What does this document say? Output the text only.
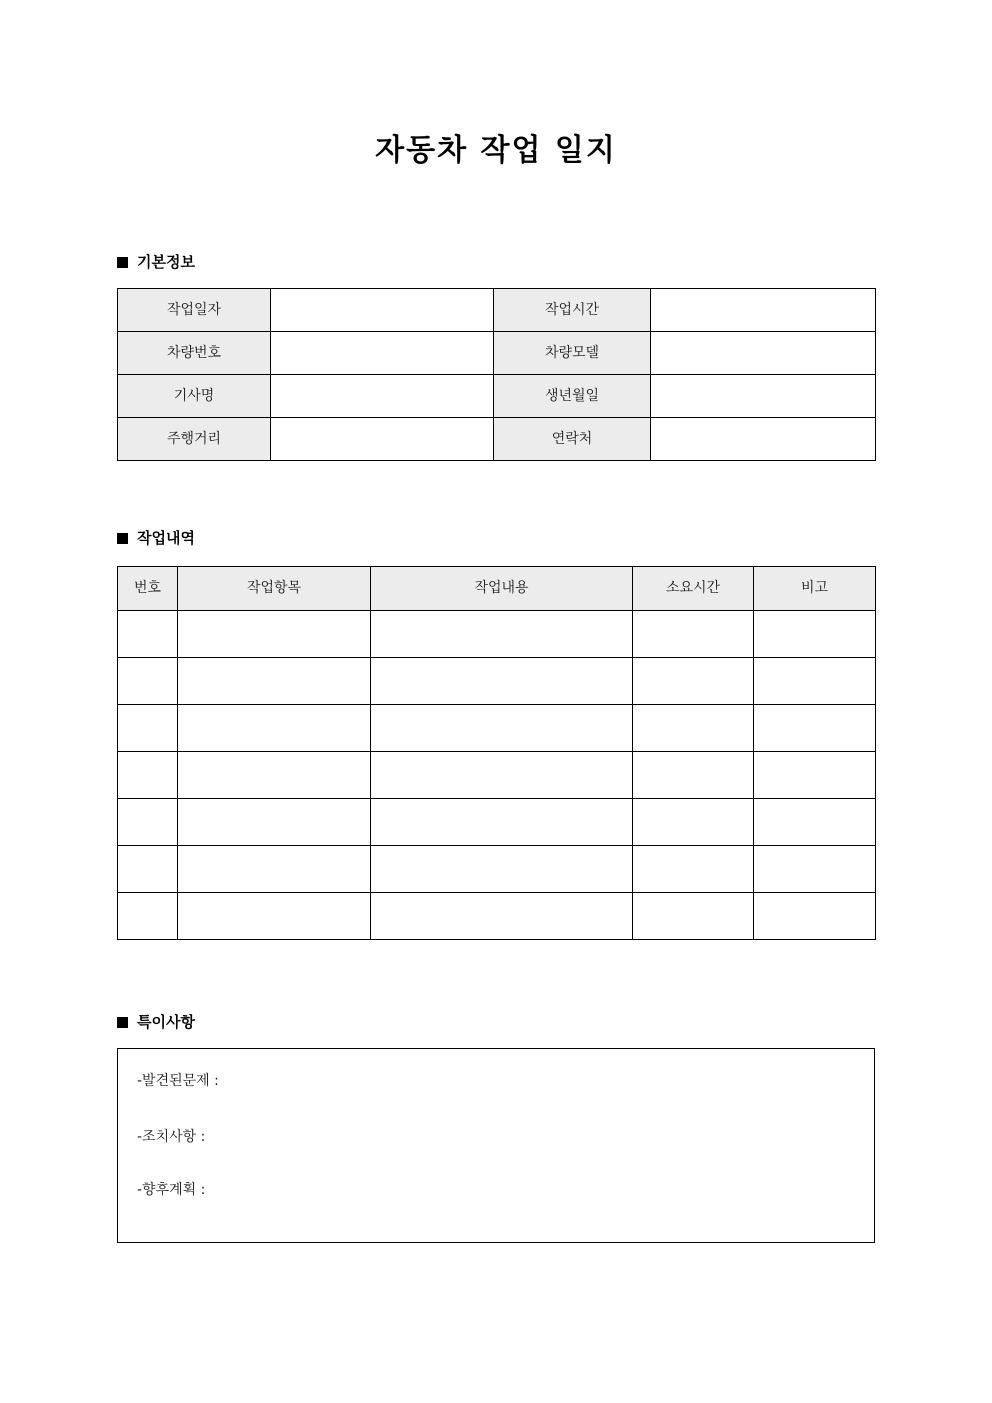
자동차 작업 일지
기본정보
작업일자		작업시간	
차량번호		차량모델	
기사명		생년월일	
주행거리		연락처	
작업내역
번호	작업항목	작업내용	소요시간	비고

특이사항
-발견된문제 :
-조치사항 :
-향후계획 :
